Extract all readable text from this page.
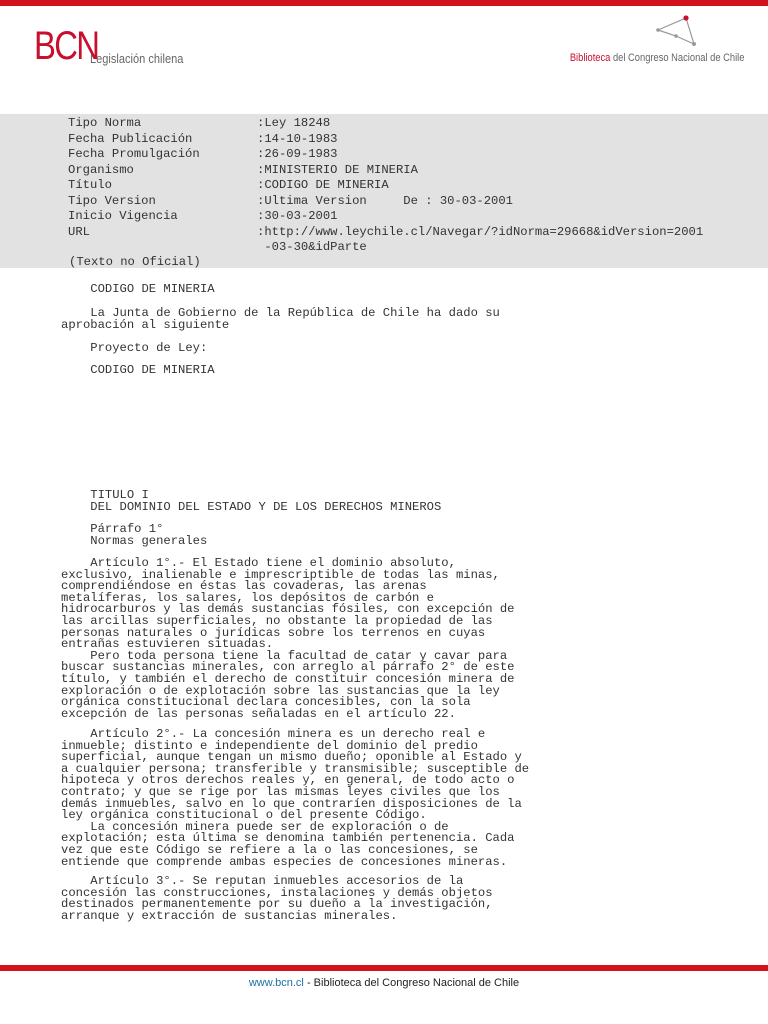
BCN
Legislación chilena	Biblioteca del Congreso Nacional de Chile
Tipo Norma	:Ley 18248
Fecha Publicación	:14-10-1983
Fecha Promulgación	:26-09-1983
Organismo	:MINISTERIO DE MINERIA
Título	:CODIGO DE MINERIA
Tipo Version	:Ultima Version     De : 30-03-2001
Inicio Vigencia	:30-03-2001
URL	:http://www.leychile.cl/Navegar/?idNorma=29668&idVersion=2001
-03-30&idParte
(Texto no Oficial)
CODIGO DE MINERIA
La Junta de Gobierno de la República de Chile ha dado su
aprobación al siguiente
Proyecto de Ley:
CODIGO DE MINERIA
TITULO I
DEL DOMINIO DEL ESTADO Y DE LOS DERECHOS MINEROS
Párrafo 1°
Normas generales
Artículo 1°.- El Estado tiene el dominio absoluto,
exclusivo, inalienable e imprescriptible de todas las minas,
comprendiéndose en éstas las covaderas, las arenas
metalíferas, los salares, los depósitos de carbón e
hidrocarburos y las demás sustancias fósiles, con excepción de
las arcillas superficiales, no obstante la propiedad de las
personas naturales o jurídicas sobre los terrenos en cuyas
entrañas estuvieren situadas.
Pero toda persona tiene la facultad de catar y cavar para
buscar sustancias minerales, con arreglo al párrafo 2° de este
título, y también el derecho de constituir concesión minera de
exploración o de explotación sobre las sustancias que la ley
orgánica constitucional declara concesibles, con la sola
excepción de las personas señaladas en el artículo 22.
Artículo 2°.- La concesión minera es un derecho real e
inmueble; distinto e independiente del dominio del predio
superficial, aunque tengan un mismo dueño; oponible al Estado y
a cualquier persona; transferible y transmisible; susceptible de
hipoteca y otros derechos reales y, en general, de todo acto o
contrato; y que se rige por las mismas leyes civiles que los
demás inmuebles, salvo en lo que contraríen disposiciones de la
ley orgánica constitucional o del presente Código.
La concesión minera puede ser de exploración o de
explotación; esta última se denomina también pertenencia. Cada
vez que este Código se refiere a la o las concesiones, se
entiende que comprende ambas especies de concesiones mineras.
Artículo 3°.- Se reputan inmuebles accesorios de la
concesión las construcciones, instalaciones y demás objetos
destinados permanentemente por su dueño a la investigación,
arranque y extracción de sustancias minerales.
www.bcn.cl - Biblioteca del Congreso Nacional de Chile
